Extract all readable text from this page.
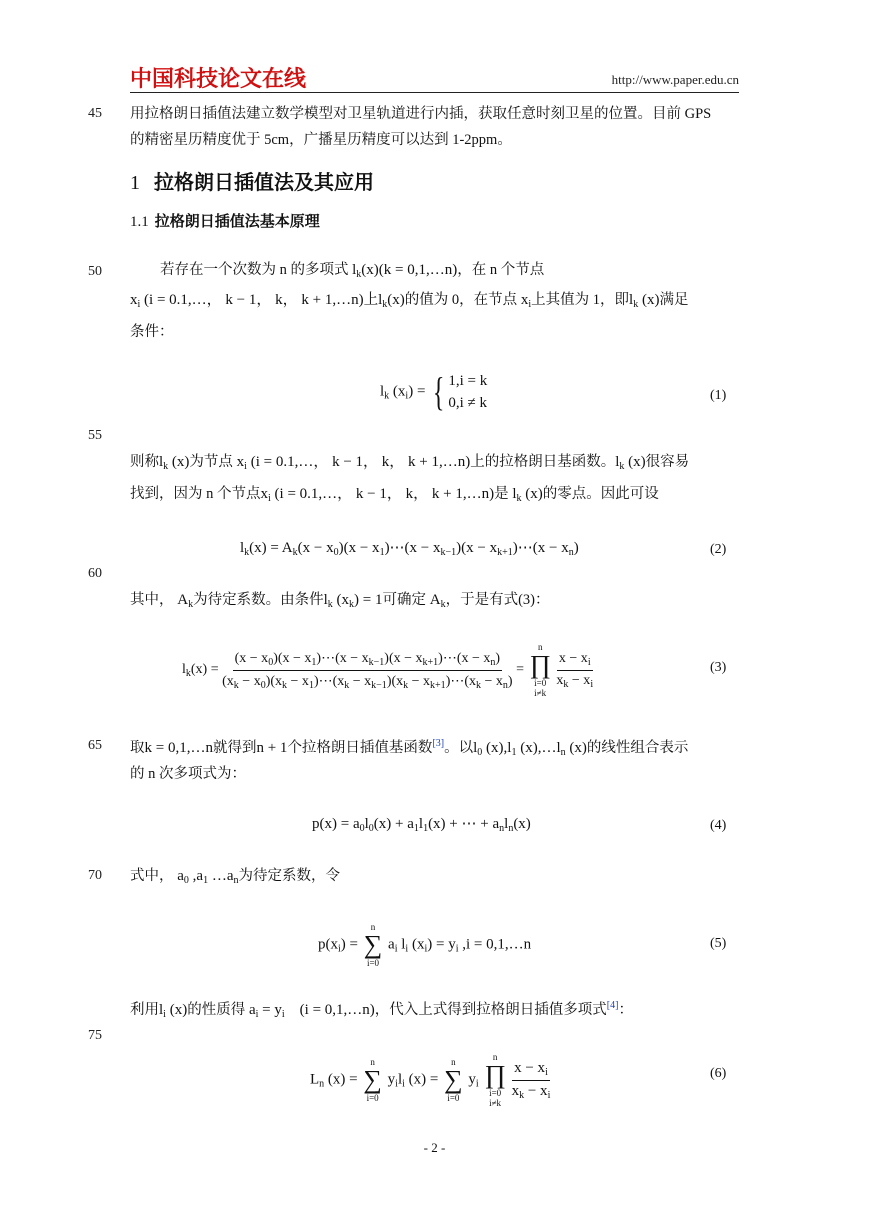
中国科技论文在线	http://www.paper.edu.cn
45 用拉格朗日插值法建立数学模型对卫星轨道进行内插，获取任意时刻卫星的位置。目前 GPS
的精密星历精度优于 5cm，广播星历精度可以达到 1-2ppm。
1 拉格朗日插值法及其应用
1.1 拉格朗日插值法基本原理
50	若存在一个次数为 n 的多项式 $l_k(x)(k$ = 0,1,…n)，在 n 个节点
$x_i$ (i = 0.1,…， k − 1， k， k + 1,…n)上$l_k(x)$的值为 0，在节点 $x_i$上其值为 1，即$l_k$ (x)满足
条件：
$l_k$ $(x_i)$ = { 1,i = k
0,i ≠ k	(1)
55
则称$l_k$ (x)为节点 $x_i$ (i = 0.1,…， k − 1， k， k + 1,…n)上的拉格朗日基函数。$l_k$ (x)很容易
找到，因为 n 个节点$x_i$ (i = 0.1,…， k − 1， k， k + 1,…n)是 $l_k$ (x)的零点。因此可设
$l_k(x) = A_k(x - x_0)(x$ − $x_1)\cdots(x - x_{k-1})(x$ − $x_{k+1})\cdots(x - x_n)$	(2)
60
其中， $A_k$为待定系数。由条件$l_k$ $(x_k) = 1$可确定 $A_k$，于是有式(3)：
$l_k(x) = \frac{(x - x_0)(x - x_1)\cdots(x - x_{k-1})(x - x_{k+1})\cdots(x - x_n)}{(x_k - x_0)(x_k - x_1)\cdots(x_k - x_{k-1})(x_k - x_{k+1})\cdots(x_k - x_n)}$ =
n
∏
i=0
i≠k

$\frac{x - x_i}{x_k - x_i}$	(3)
65 取k = 0,1,…n就得到n + 1个拉格朗日插值基函数[3]。以$l_0$ $(x),l_1$ $(x),\dots l_n$ (x)的线性组合表示
的 n 次多项式为：
$p(x) = a_0l_0(x) + a_1l_1(x)$ + ⋯ + $a_nl_n(x)$	(4)
70 式中， $a_0$ $,a_1$ $\dots a_n$为待定系数，令
$p(x_i)$ =
n
∑
i=0
$a_i$ $l_i$ $(x_i) = y_i$ ,i = 0,1,…n	(5)
利用$l_i$ (x)的性质得 $a_i = y_i$    (i = 0,1,…n)，代入上式得到拉格朗日插值多项式[4]：
75
$L_n$ (x) =
n
∑
i=0
$y_il_i$ (x) =
n
∑
i=0
$y_i$
n
∏
i=0
i≠k

$\frac{x - x_i}{x_k - x_i}$	(6)
- 2 -
